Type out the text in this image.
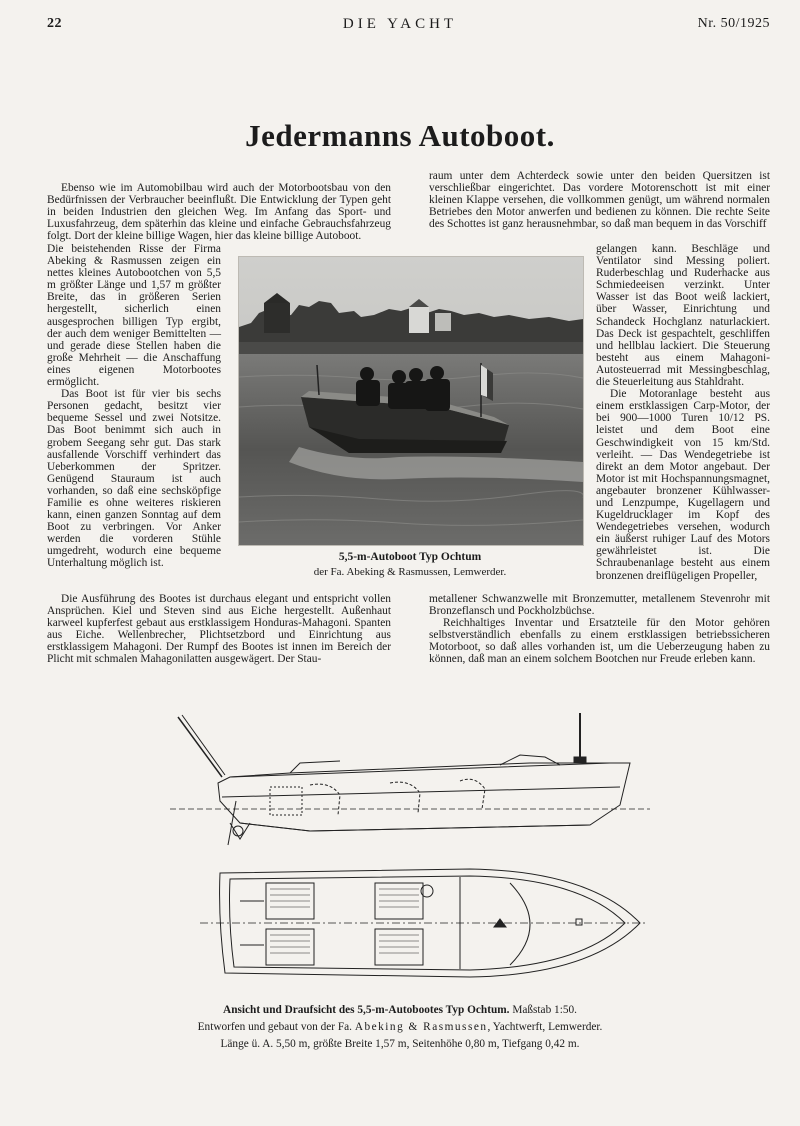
22	DIE YACHT	Nr. 50/1925
Jedermanns Autoboot.

Ebenso wie im Automobilbau wird auch der Motorbootsbau von den Bedürfnissen der Verbraucher beeinflußt. Die Entwicklung der Typen geht in beiden Industrien den gleichen Weg. Im Anfang das Sport- und Luxusfahrzeug, dem späterhin das kleine und einfache Gebrauchsfahrzeug folgt. Dort der kleine billige Wagen, hier das kleine billige Autoboot.

Die beistehenden Risse der Firma Abeking & Rasmussen zeigen ein nettes kleines Autobootchen von 5,5 m größter Länge und 1,57 m größter Breite, das in größeren Serien hergestellt, sicherlich einen ausgesprochen billigen Typ ergibt, der auch dem weniger Bemittelten — und gerade diese Stellen haben die große Mehrheit — die Anschaffung eines eigenen Motorbootes ermöglicht.

Das Boot ist für vier bis sechs Personen gedacht, besitzt vier bequeme Sessel und zwei Notsitze. Das Boot benimmt sich auch in grobem Seegang sehr gut. Das stark ausfallende Vorschiff verhindert das Ueberkommen der Spritzer. Genügend Stauraum ist auch vorhanden, so daß eine sechsköpfige Familie es ohne weiteres riskieren kann, einen ganzen Sonntag auf dem Boot zu verbringen. Vor Anker werden die vorderen Stühle umgedreht, wodurch eine bequeme Unterhaltung möglich ist.

Die Ausführung des Bootes ist durchaus elegant und entspricht vollen Ansprüchen. Kiel und Steven sind aus Eiche hergestellt. Außenhaut karweel kupferfest gebaut aus erstklassigem Honduras-Mahagoni. Spanten aus Eiche. Wellenbrecher, Plichtsetzbord und Einrichtung aus erstklassigem Mahagoni. Der Rumpf des Bootes ist innen im Bereich der Plicht mit schmalen Mahagonilatten ausgewägert. Der Stau-

raum unter dem Achterdeck sowie unter den beiden Quersitzen ist verschließbar eingerichtet. Das vordere Motorenschott ist mit einer kleinen Klappe versehen, die vollkommen genügt, um während normalen Betriebes den Motor anwerfen und bedienen zu können. Die rechte Seite des Schottes ist ganz herausnehmbar, so daß man bequem in das Vorschiff

gelangen kann. Beschläge und Ventilator sind Messing poliert. Ruderbeschlag und Ruderhacke aus Schmiedeeisen verzinkt. Unter Wasser ist das Boot weiß lackiert, über Wasser, Einrichtung und Schandeck Hochglanz naturlackiert. Das Deck ist gespachtelt, geschliffen und hellblau lackiert. Die Steuerung besteht aus einem Mahagoni-Autosteuerrad mit Messingbeschlag, die Steuerleitung aus Stahldraht.

Die Motoranlage besteht aus einem erstklassigen Carp-Motor, der bei 900—1000 Turen 10/12 PS. leistet und dem Boot eine Geschwindigkeit von 15 km/Std. verleiht. — Das Wendegetriebe ist direkt an dem Motor angebaut. Der Motor ist mit Hochspannungsmagnet, angebauter bronzener Kühlwasser- und Lenzpumpe, Kugellagern und Kugeldrucklager im Kopf des Wendegetriebes versehen, wodurch ein äußerst ruhiger Lauf des Motors gewährleistet ist. Die Schraubenanlage besteht aus einem bronzenen dreiflügeligen Propeller,

metallener Schwanzwelle mit Bronzemutter, metallenem Stevenrohr mit Bronzeflansch und Pockholzbüchse.

Reichhaltiges Inventar und Ersatzteile für den Motor gehören selbstverständlich ebenfalls zu einem erstklassigen betriebssicheren Motorboot, so daß alles vorhanden ist, um die Ueberzeugung haben zu können, daß man an einem solchem Bootchen nur Freude erleben kann.

5,5-m-Autoboot Typ Ochtum
der Fa. Abeking & Rasmussen, Lemwerder.
Ansicht und Draufsicht des 5,5-m-Autobootes Typ Ochtum. Maßstab 1:50.
Entworfen und gebaut von der Fa. Abeking & Rasmussen, Yachtwerft, Lemwerder.
Länge ü. A. 5,50 m, größte Breite 1,57 m, Seitenhöhe 0,80 m, Tiefgang 0,42 m.
